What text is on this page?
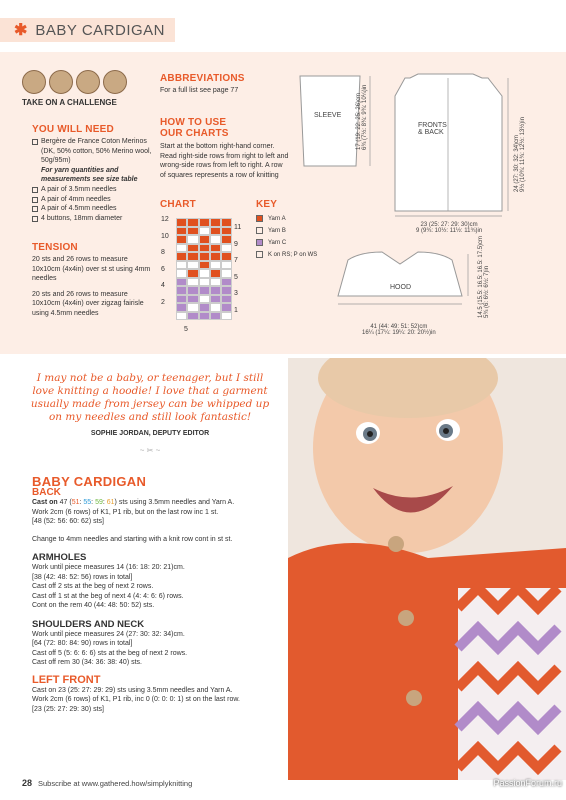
✱ BABY CARDIGAN
TAKE ON A CHALLENGE
YOU WILL NEED
Bergère de France Coton Merinos (DK, 50% cotton, 50% Merino wool, 50g/95m)
For yarn quantities and measurements see size table
A pair of 3.5mm needles
A pair of 4mm needles
A pair of 4.5mm needles
4 buttons, 18mm diameter
TENSION

20 sts and 26 rows to measure 10x10cm (4x4in) over st st using 4mm needles

20 sts and 26 rows to measure 10x10cm (4x4in) over zigzag fairisle using 4.5mm needles

ABBREVIATIONS
For a full list see page 77
HOW TO USE
OUR CHARTS

Start at the bottom right-hand corner. Read right-side rows from right to left and wrong-side rows from left to right. A row of squares represents a row of knitting

CHART
12
10
8
6
4
2
11
9
7
5
3
1
5
KEY
Yarn A
Yarn B
Yarn C
K on RS; P on WS
SLEEVE
FRONTS & BACK
HOOD
17 (19: 22: 25: 26)cm
6¾ (7½: 8¾: 9¾: 10¼)in
23 (25: 27: 29: 30)cm
9 (9¾: 10½: 11½: 11¾)in
24 (27: 30: 32: 34)cm
9½ (10¾: 11¾: 12½: 13½)in
41 (44: 49: 51: 52)cm
16¼ (17¼: 19¼: 20: 20½)in
14.5 (15.5: 16.5: 16.5: 17.5)cm
5¾ (6: 6½: 6½: 7)in
I may not be a baby, or teenager, but I still love knitting a hoodie! I love that a garment usually made from jersey can be whipped up on my needles and still look fantastic!
SOPHIE JORDAN, DEPUTY EDITOR
~ ✂ ~
BABY CARDIGAN
BACK

Cast on 47 (51: 55: 59: 61) sts using 3.5mm needles and Yarn A.

Work 2cm (6 rows) of K1, P1 rib, but on the last row inc 1 st.

[48 (52: 56: 60: 62) sts]

Change to 4mm needles and starting with a knit row cont in st st.

ARMHOLES

Work until piece measures 14 (16: 18: 20: 21)cm.

[38 (42: 48: 52: 56) rows in total]

Cast off 2 sts at the beg of next 2 rows.

Cast off 1 st at the beg of next 4 (4: 4: 6: 6) rows.

Cont on the rem 40 (44: 48: 50: 52) sts.

SHOULDERS AND NECK

Work until piece measures 24 (27: 30: 32: 34)cm.

[64 (72: 80: 84: 90) rows in total]

Cast off 5 (5: 6: 6: 6) sts at the beg of next 2 rows.

Cast off rem 30 (34: 36: 38: 40) sts.

LEFT FRONT

Cast on 23 (25: 27: 29: 29) sts using 3.5mm needles and Yarn A.

Work 2cm (6 rows) of K1, P1 rib, inc 0 (0: 0: 0: 1) st on the last row.

[23 (25: 27: 29: 30) sts]

28 Subscribe at www.gathered.how/simplyknitting	PassionForum.ru
